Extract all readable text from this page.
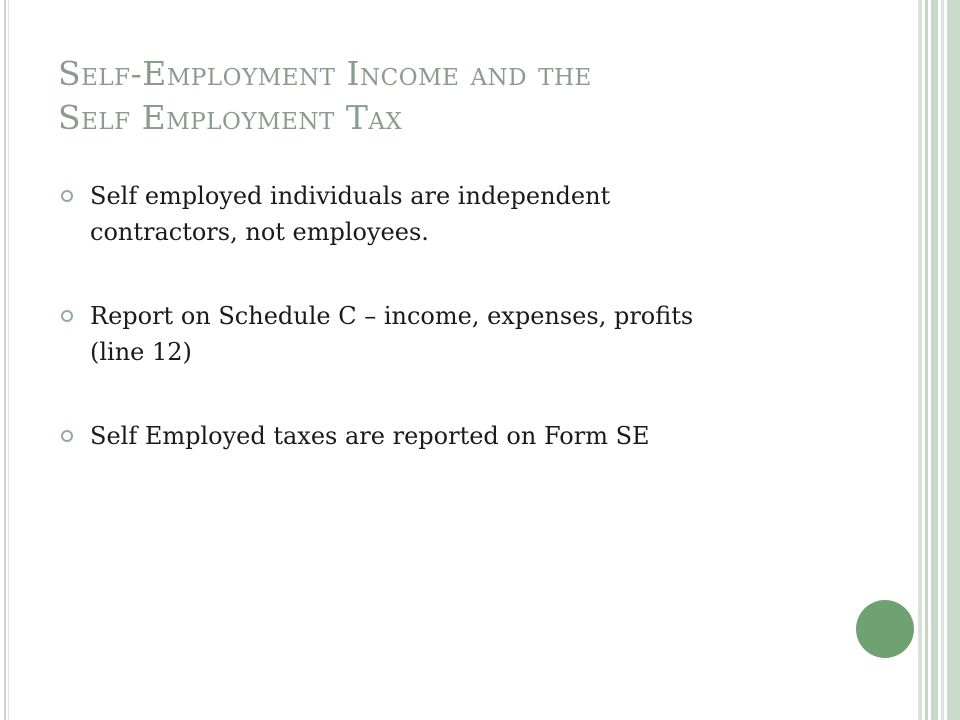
Self-Employment Income and the
Self Employment Tax
Self employed individuals are independent
contractors, not employees.
Report on Schedule C – income, expenses, profits
(line 12)
Self Employed taxes are reported on Form SE
